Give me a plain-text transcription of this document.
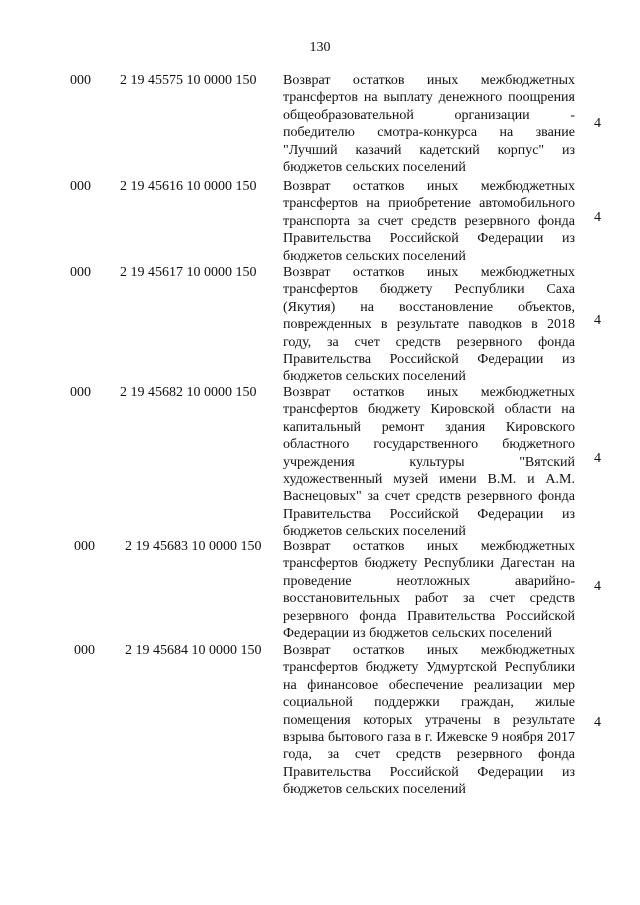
130
000 2 19 45575 10 0000 150 Возврат остатков иных межбюджетных трансфертов на выплату денежного поощрения общеобразовательной организации - победителю смотра-конкурса на звание "Лучший казачий кадетский корпус" из бюджетов сельских поселений
4
000 2 19 45616 10 0000 150 Возврат остатков иных межбюджетных трансфертов на приобретение автомобильного транспорта за счет средств резервного фонда Правительства Российской Федерации из бюджетов сельских поселений
4
000 2 19 45617 10 0000 150 Возврат остатков иных межбюджетных трансфертов бюджету Республики Саха (Якутия) на восстановление объектов, поврежденных в результате паводков в 2018 году, за счет средств резервного фонда Правительства Российской Федерации из бюджетов сельских поселений
4
000 2 19 45682 10 0000 150 Возврат остатков иных межбюджетных трансфертов бюджету Кировской области на капитальный ремонт здания Кировского областного государственного бюджетного учреждения культуры "Вятский художественный музей имени В.М. и А.М. Васнецовых" за счет средств резервного фонда Правительства Российской Федерации из бюджетов сельских поселений
4
000 2 19 45683 10 0000 150 Возврат остатков иных межбюджетных трансфертов бюджету Республики Дагестан на проведение неотложных аварийно-восстановительных работ за счет средств резервного фонда Правительства Российской Федерации из бюджетов сельских поселений
4
000 2 19 45684 10 0000 150 Возврат остатков иных межбюджетных трансфертов бюджету Удмуртской Республики на финансовое обеспечение реализации мер социальной поддержки граждан, жилые помещения которых утрачены в результате взрыва бытового газа в г. Ижевске 9 ноября 2017 года, за счет средств резервного фонда Правительства Российской Федерации из бюджетов сельских поселений
4
